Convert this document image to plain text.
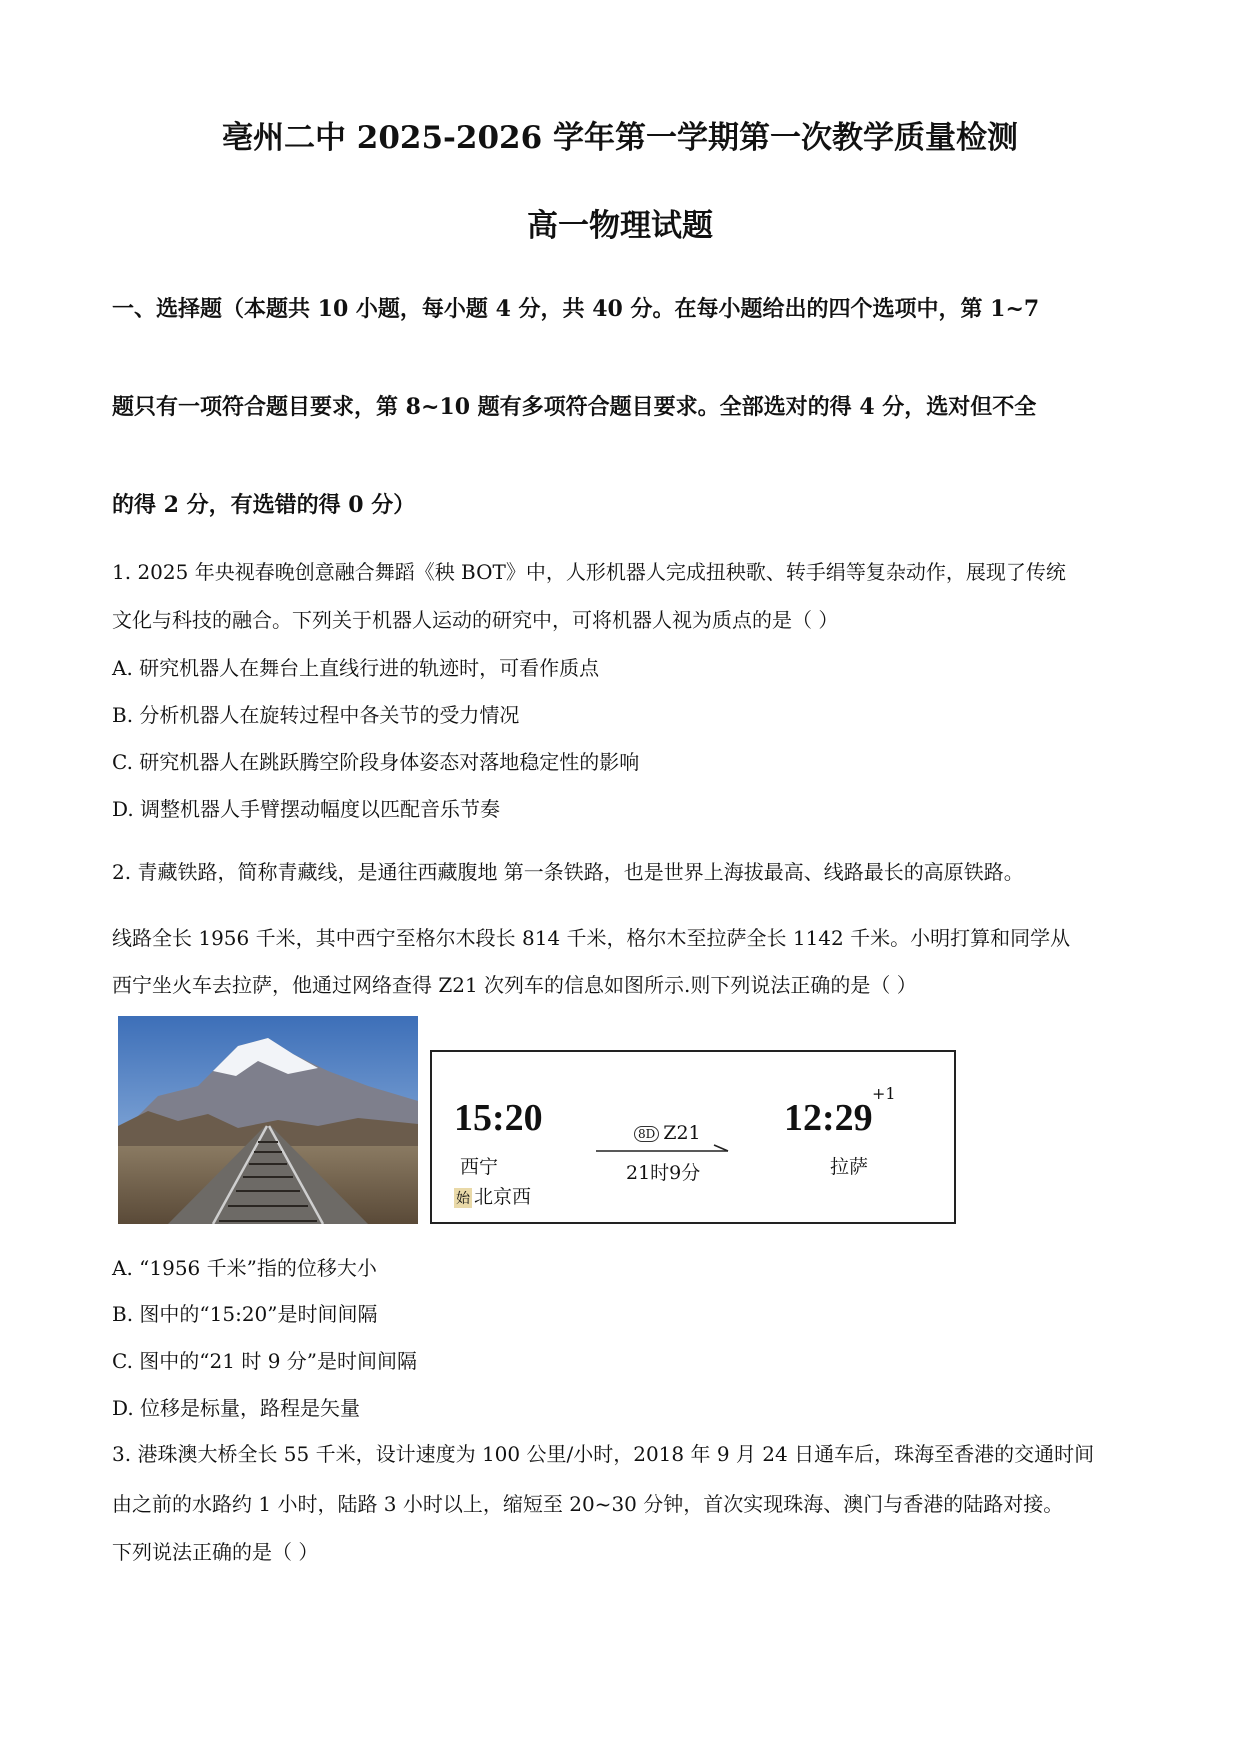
亳州二中 2025-2026 学年第一学期第一次教学质量检测
高一物理试题
一、选择题（本题共 10 小题，每小题 4 分，共 40 分。在每小题给出的四个选项中，第 1~7
题只有一项符合题目要求，第 8~10 题有多项符合题目要求。全部选对的得 4 分，选对但不全
的得 2 分，有选错的得 0 分）
1. 2025 年央视春晚创意融合舞蹈《秧 BOT》中，人形机器人完成扭秧歌、转手绢等复杂动作，展现了传统
文化与科技的融合。下列关于机器人运动的研究中，可将机器人视为质点的是（ ）
A. 研究机器人在舞台上直线行进的轨迹时，可看作质点
B. 分析机器人在旋转过程中各关节的受力情况
C. 研究机器人在跳跃腾空阶段身体姿态对落地稳定性的影响
D. 调整机器人手臂摆动幅度以匹配音乐节奏
2. 青藏铁路，简称青藏线，是通往西藏腹地 第一条铁路，也是世界上海拔最高、线路最长的高原铁路。
线路全长 1956 千米，其中西宁至格尔木段长 814 千米，格尔木至拉萨全长 1142 千米。小明打算和同学从
西宁坐火车去拉萨，他通过网络查得 Z21 次列车的信息如图所示.则下列说法正确的是（ ）
15:20
西宁
始 北京西
8D Z21
21时9分
12:29
+1
拉萨
A. “1956 千米”指的位移大小
B. 图中的“15:20”是时间间隔
C. 图中的“21 时 9 分”是时间间隔
D. 位移是标量，路程是矢量
3. 港珠澳大桥全长 55 千米，设计速度为 100 公里/小时，2018 年 9 月 24 日通车后，珠海至香港的交通时间
由之前的水路约 1 小时，陆路 3 小时以上，缩短至 20~30 分钟，首次实现珠海、澳门与香港的陆路对接。
下列说法正确的是（ ）
